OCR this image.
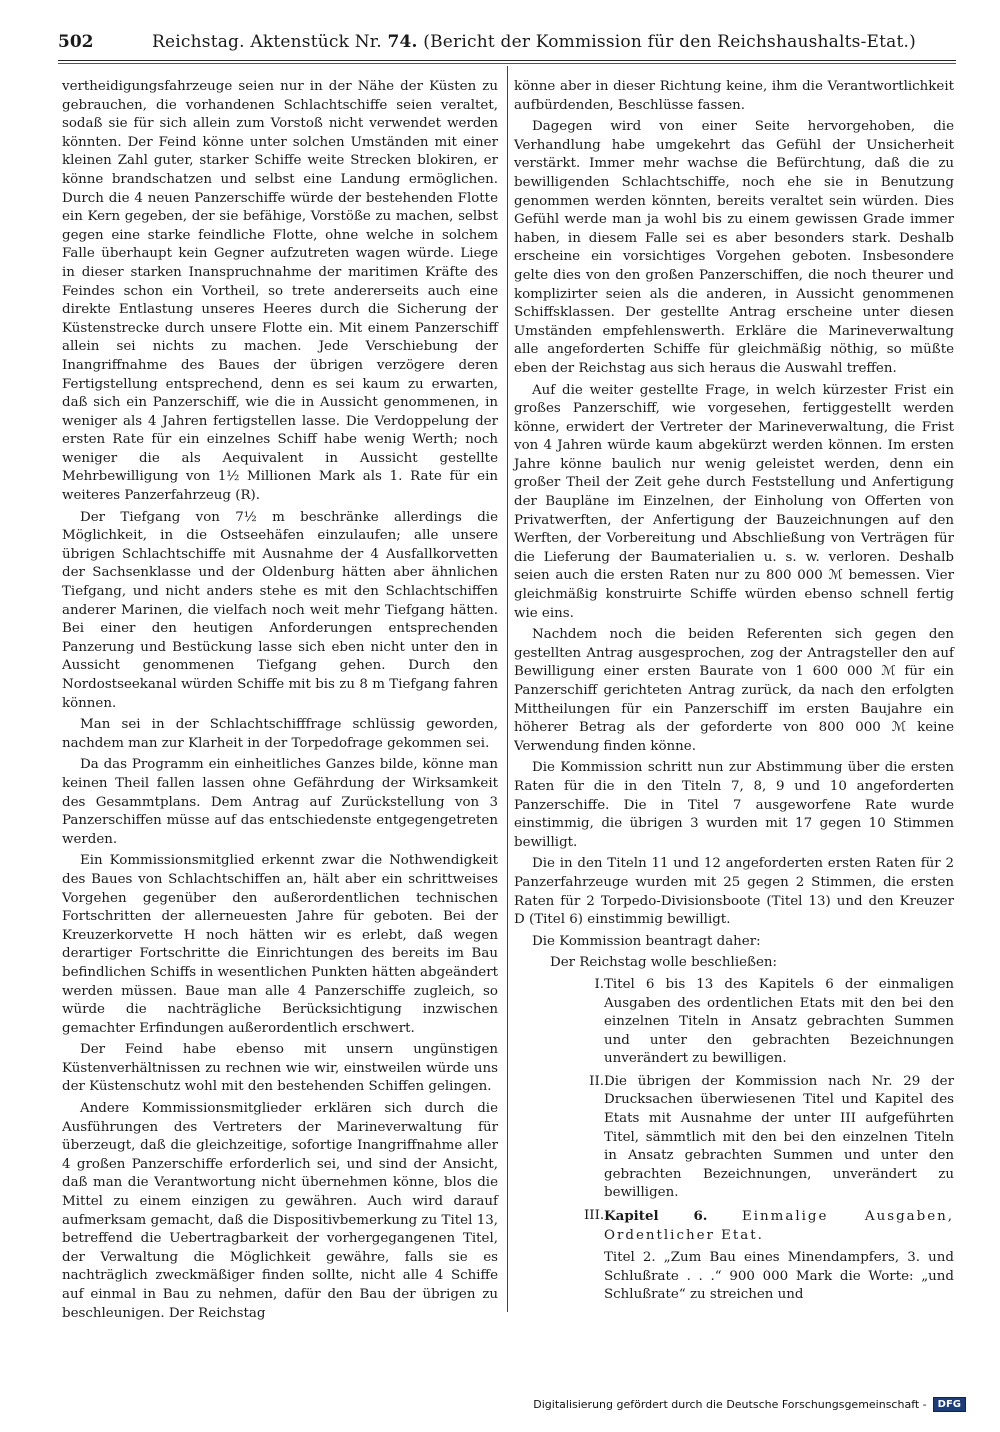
502	Reichstag. Aktenstück Nr. 74. (Bericht der Kommission für den Reichshaushalts-Etat.)

vertheidigungsfahrzeuge seien nur in der Nähe der Küsten zu gebrauchen, die vorhandenen Schlachtschiffe seien veraltet, sodaß sie für sich allein zum Vorstoß nicht verwendet werden könnten. Der Feind könne unter solchen Umständen mit einer kleinen Zahl guter, starker Schiffe weite Strecken blokiren, er könne brandschatzen und selbst eine Landung ermöglichen. Durch die 4 neuen Panzerschiffe würde der bestehenden Flotte ein Kern gegeben, der sie befähige, Vorstöße zu machen, selbst gegen eine starke feindliche Flotte, ohne welche in solchem Falle überhaupt kein Gegner aufzutreten wagen würde. Liege in dieser starken Inanspruchnahme der maritimen Kräfte des Feindes schon ein Vortheil, so trete andererseits auch eine direkte Entlastung unseres Heeres durch die Sicherung der Küstenstrecke durch unsere Flotte ein. Mit einem Panzerschiff allein sei nichts zu machen. Jede Verschiebung der Inangriffnahme des Baues der übrigen verzögere deren Fertigstellung entsprechend, denn es sei kaum zu erwarten, daß sich ein Panzerschiff, wie die in Aussicht genommenen, in weniger als 4 Jahren fertigstellen lasse. Die Verdoppelung der ersten Rate für ein einzelnes Schiff habe wenig Werth; noch weniger die als Aequivalent in Aussicht gestellte Mehrbewilligung von 1½ Millionen Mark als 1. Rate für ein weiteres Panzerfahrzeug (R).

Der Tiefgang von 7½ m beschränke allerdings die Möglichkeit, in die Ostseehäfen einzulaufen; alle unsere übrigen Schlachtschiffe mit Ausnahme der 4 Ausfallkorvetten der Sachsenklasse und der Oldenburg hätten aber ähnlichen Tiefgang, und nicht anders stehe es mit den Schlachtschiffen anderer Marinen, die vielfach noch weit mehr Tiefgang hätten. Bei einer den heutigen Anforderungen entsprechenden Panzerung und Bestückung lasse sich eben nicht unter den in Aussicht genommenen Tiefgang gehen. Durch den Nordostseekanal würden Schiffe mit bis zu 8 m Tiefgang fahren können.

Man sei in der Schlachtschifffrage schlüssig geworden, nachdem man zur Klarheit in der Torpedofrage gekommen sei.

Da das Programm ein einheitliches Ganzes bilde, könne man keinen Theil fallen lassen ohne Gefährdung der Wirksamkeit des Gesammtplans. Dem Antrag auf Zurückstellung von 3 Panzerschiffen müsse auf das entschiedenste entgegengetreten werden.

Ein Kommissionsmitglied erkennt zwar die Nothwendigkeit des Baues von Schlachtschiffen an, hält aber ein schrittweises Vorgehen gegenüber den außerordentlichen technischen Fortschritten der allerneuesten Jahre für geboten. Bei der Kreuzerkorvette H noch hätten wir es erlebt, daß wegen derartiger Fortschritte die Einrichtungen des bereits im Bau befindlichen Schiffs in wesentlichen Punkten hätten abgeändert werden müssen. Baue man alle 4 Panzerschiffe zugleich, so würde die nachträgliche Berücksichtigung inzwischen gemachter Erfindungen außerordentlich erschwert.

Der Feind habe ebenso mit unsern ungünstigen Küstenverhältnissen zu rechnen wie wir, einstweilen würde uns der Küstenschutz wohl mit den bestehenden Schiffen gelingen.

Andere Kommissionsmitglieder erklären sich durch die Ausführungen des Vertreters der Marineverwaltung für überzeugt, daß die gleichzeitige, sofortige Inangriffnahme aller 4 großen Panzerschiffe erforderlich sei, und sind der Ansicht, daß man die Verantwortung nicht übernehmen könne, blos die Mittel zu einem einzigen zu gewähren. Auch wird darauf aufmerksam gemacht, daß die Dispositivbemerkung zu Titel 13, betreffend die Uebertragbarkeit der vorhergegangenen Titel, der Verwaltung die Möglichkeit gewähre, falls sie es nachträglich zweckmäßiger finden sollte, nicht alle 4 Schiffe auf einmal in Bau zu nehmen, dafür den Bau der übrigen zu beschleunigen. Der Reichstag

könne aber in dieser Richtung keine, ihm die Verantwortlichkeit aufbürdenden, Beschlüsse fassen.

Dagegen wird von einer Seite hervorgehoben, die Verhandlung habe umgekehrt das Gefühl der Unsicherheit verstärkt. Immer mehr wachse die Befürchtung, daß die zu bewilligenden Schlachtschiffe, noch ehe sie in Benutzung genommen werden könnten, bereits veraltet sein würden. Dies Gefühl werde man ja wohl bis zu einem gewissen Grade immer haben, in diesem Falle sei es aber besonders stark. Deshalb erscheine ein vorsichtiges Vorgehen geboten. Insbesondere gelte dies von den großen Panzerschiffen, die noch theurer und komplizirter seien als die anderen, in Aussicht genommenen Schiffsklassen. Der gestellte Antrag erscheine unter diesen Umständen empfehlenswerth. Erkläre die Marineverwaltung alle angeforderten Schiffe für gleichmäßig nöthig, so müßte eben der Reichstag aus sich heraus die Auswahl treffen.

Auf die weiter gestellte Frage, in welch kürzester Frist ein großes Panzerschiff, wie vorgesehen, fertiggestellt werden könne, erwidert der Vertreter der Marineverwaltung, die Frist von 4 Jahren würde kaum abgekürzt werden können. Im ersten Jahre könne baulich nur wenig geleistet werden, denn ein großer Theil der Zeit gehe durch Feststellung und Anfertigung der Baupläne im Einzelnen, der Einholung von Offerten von Privatwerften, der Anfertigung der Bauzeichnungen auf den Werften, der Vorbereitung und Abschließung von Verträgen für die Lieferung der Baumaterialien u. s. w. verloren. Deshalb seien auch die ersten Raten nur zu 800 000 ℳ bemessen. Vier gleichmäßig konstruirte Schiffe würden ebenso schnell fertig wie eins.

Nachdem noch die beiden Referenten sich gegen den gestellten Antrag ausgesprochen, zog der Antragsteller den auf Bewilligung einer ersten Baurate von 1 600 000 ℳ für ein Panzerschiff gerichteten Antrag zurück, da nach den erfolgten Mittheilungen für ein Panzerschiff im ersten Baujahre ein höherer Betrag als der geforderte von 800 000 ℳ keine Verwendung finden könne.

Die Kommission schritt nun zur Abstimmung über die ersten Raten für die in den Titeln 7, 8, 9 und 10 angeforderten Panzerschiffe. Die in Titel 7 ausgeworfene Rate wurde einstimmig, die übrigen 3 wurden mit 17 gegen 10 Stimmen bewilligt.

Die in den Titeln 11 und 12 angeforderten ersten Raten für 2 Panzerfahrzeuge wurden mit 25 gegen 2 Stimmen, die ersten Raten für 2 Torpedo-Divisionsboote (Titel 13) und den Kreuzer D (Titel 6) einstimmig bewilligt.

Die Kommission beantragt daher:

Der Reichstag wolle beschließen:

I. Titel 6 bis 13 des Kapitels 6 der einmaligen Ausgaben des ordentlichen Etats mit den bei den einzelnen Titeln in Ansatz gebrachten Summen und unter den gebrachten Bezeichnungen unverändert zu bewilligen.
II. Die übrigen der Kommission nach Nr. 29 der Drucksachen überwiesenen Titel und Kapitel des Etats mit Ausnahme der unter III aufgeführten Titel, sämmtlich mit den bei den einzelnen Titeln in Ansatz gebrachten Summen und unter den gebrachten Bezeichnungen, unverändert zu bewilligen.
III. Kapitel 6.	Einmalige Ausgaben, Ordentlicher Etat.

Titel 2. „Zum Bau eines Minendampfers, 3. und Schlußrate . . .“ 900 000 Mark die Worte: „und Schlußrate“ zu streichen und

Digitalisierung gefördert durch die Deutsche Forschungsgemeinschaft -	DFG
